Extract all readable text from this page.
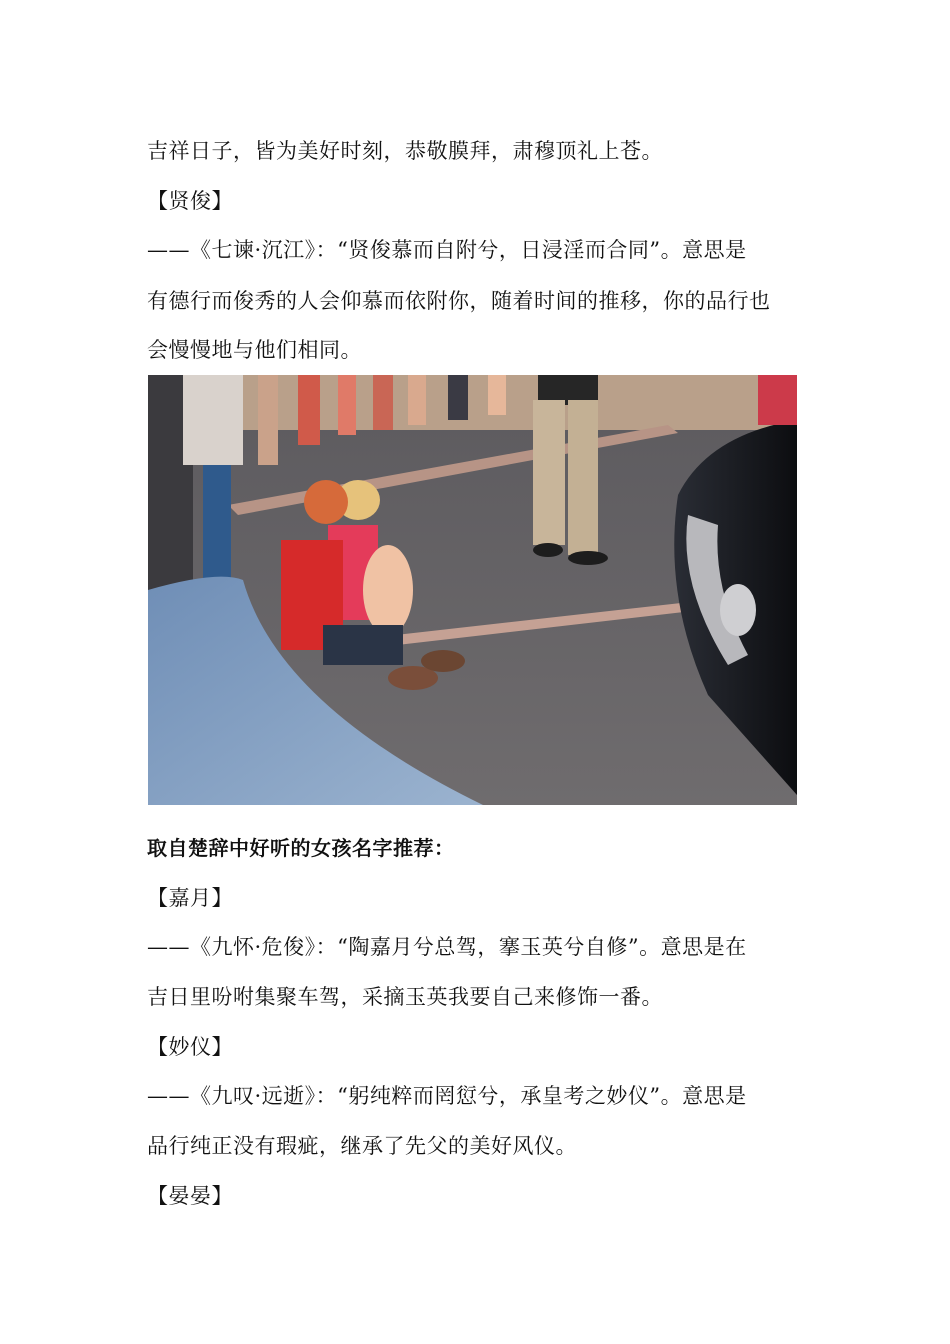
吉祥日子，皆为美好时刻，恭敬膜拜，肃穆顶礼上苍。
【贤俊】
——《七谏·沉江》：“贤俊慕而自附兮，日浸淫而合同”。意思是
有德行而俊秀的人会仰慕而依附你，随着时间的推移，你的品行也
会慢慢地与他们相同。
取自楚辞中好听的女孩名字推荐：
【嘉月】
——《九怀·危俊》：“陶嘉月兮总驾，搴玉英兮自修”。意思是在
吉日里吩咐集聚车驾，采摘玉英我要自己来修饰一番。
【妙仪】
——《九叹·远逝》：“躬纯粹而罔愆兮，承皇考之妙仪”。意思是
品行纯正没有瑕疵，继承了先父的美好风仪。
【晏晏】
